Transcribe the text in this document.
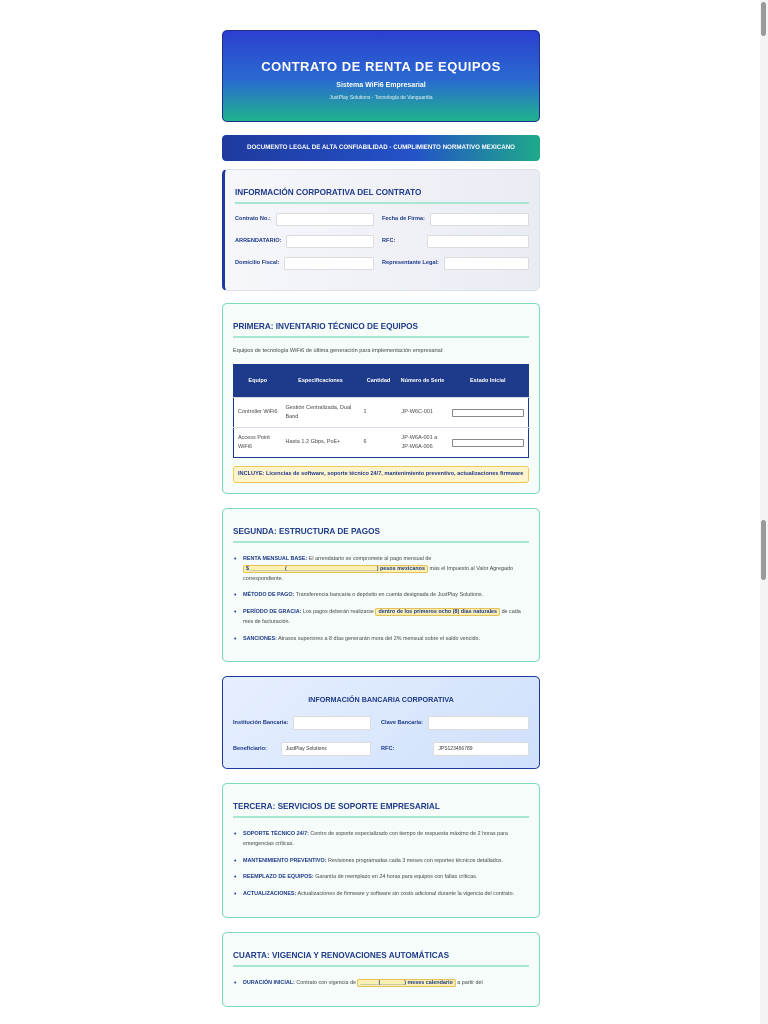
CONTRATO DE RENTA DE EQUIPOS
Sistema WiFi6 Empresarial
JustPlay Solutions - Tecnología de Vanguardia
DOCUMENTO LEGAL DE ALTA CONFIABILIDAD - CUMPLIMIENTO NORMATIVO MEXICANO
INFORMACIÓN CORPORATIVA DEL CONTRATO
Contrato No.:	Fecha de Firma:
ARRENDATARIO:	RFC:
Domicilio Fiscal:	Representante Legal:
PRIMERA: INVENTARIO TÉCNICO DE EQUIPOS

Equipos de tecnología WiFi6 de última generación para implementación empresarial:

Equipo	Especificaciones	Cantidad	Número de Serie	Estado Inicial
Controller WiFi6	Gestión Centralizada, Dual Band	1	JP-W6C-001	

Access Point WiFi6	Hasta 1.2 Gbps, PoE+	6	JP-W6A-001 a JP-W6A-006	
INCLUYE: Licencias de software, soporte técnico 24/7, mantenimiento preventivo, actualizaciones firmware
SEGUNDA: ESTRUCTURA DE PAGOS
• RENTA MENSUAL BASE: El arrendatario se compromete al pago mensual de $____________(______________________________) pesos mexicanos más el Impuesto al Valor Agregado correspondiente.
• MÉTODO DE PAGO: Transferencia bancaria o depósito en cuenta designada de JustPlay Solutions.
• PERÍODO DE GRACIA: Los pagos deberán realizarse dentro de los primeros ocho (8) días naturales de cada mes de facturación.
• SANCIONES: Atrasos superiores a 8 días generarán mora del 2% mensual sobre el saldo vencido.
INFORMACIÓN BANCARIA CORPORATIVA
Institución Bancaria:	Clave Bancaria:
Beneficiario:	JustPlay Solutions	RFC:	JPS123456789
TERCERA: SERVICIOS DE SOPORTE EMPRESARIAL
• SOPORTE TÉCNICO 24/7: Centro de soporte especializado con tiempo de respuesta máximo de 2 horas para emergencias críticas.
• MANTENIMIENTO PREVENTIVO: Revisiones programadas cada 3 meses con reportes técnicos detallados.
• REEMPLAZO DE EQUIPOS: Garantía de reemplazo en 24 horas para equipos con fallas críticas.
• ACTUALIZACIONES: Actualizaciones de firmware y software sin costo adicional durante la vigencia del contrato.
CUARTA: VIGENCIA Y RENOVACIONES AUTOMÁTICAS
• DURACIÓN INICIAL: Contrato con vigencia de ______(________) meses calendario a partir del
